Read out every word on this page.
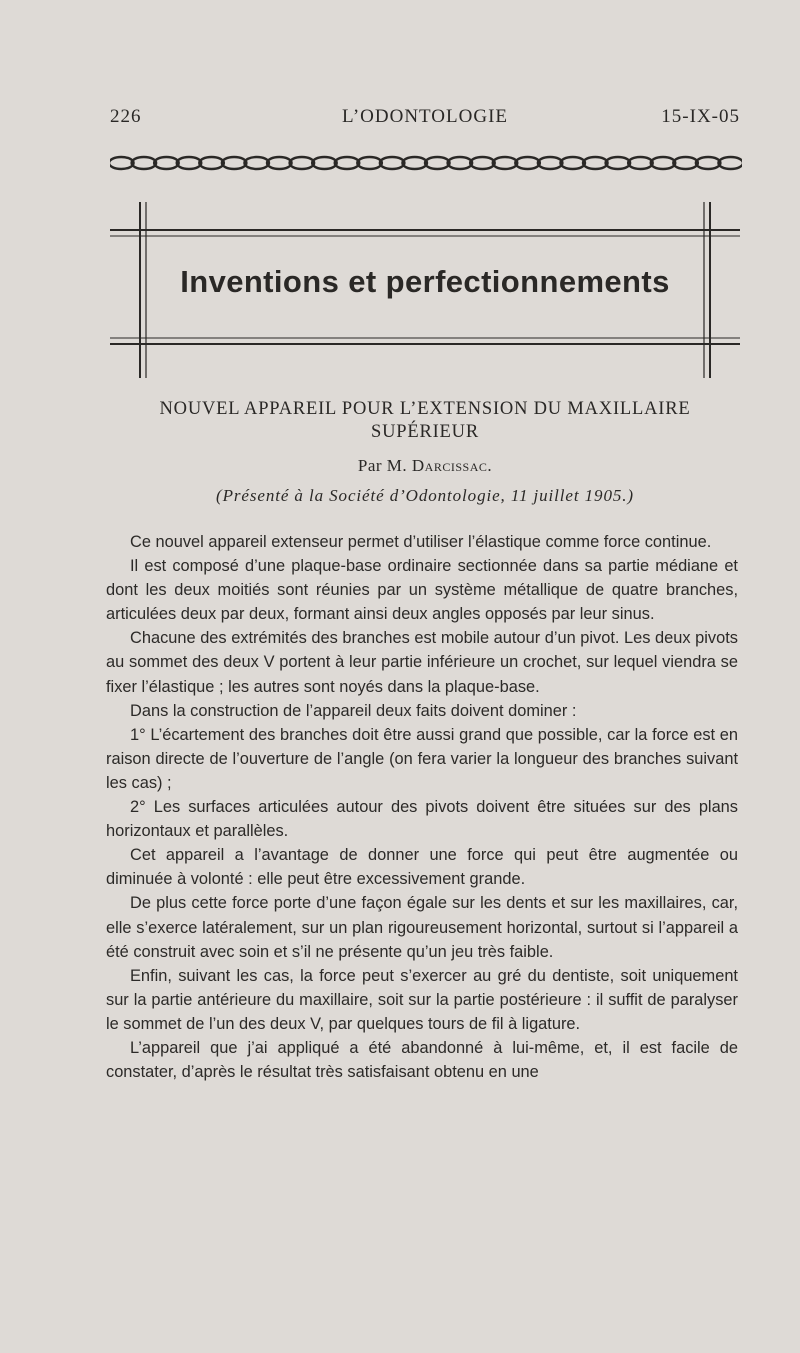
226	L’ODONTOLOGIE	15-IX-05
Inventions et perfectionnements
NOUVEL APPAREIL POUR L’EXTENSION DU MAXILLAIRE SUPÉRIEUR
Par M. Darcissac.
(Présenté à la Société d’Odontologie, 11 juillet 1905.)

Ce nouvel appareil extenseur permet d’utiliser l’élastique comme force continue.

Il est composé d’une plaque-base ordinaire sectionnée dans sa partie médiane et dont les deux moitiés sont réunies par un système métallique de quatre branches, articulées deux par deux, formant ainsi deux angles opposés par leur sinus.

Chacune des extrémités des branches est mobile autour d’un pivot. Les deux pivots au sommet des deux V portent à leur partie inférieure un crochet, sur lequel viendra se fixer l’élastique ; les autres sont noyés dans la plaque-base.

Dans la construction de l’appareil deux faits doivent dominer :

1° L’écartement des branches doit être aussi grand que possible, car la force est en raison directe de l’ouverture de l’angle (on fera varier la longueur des branches suivant les cas) ;

2° Les surfaces articulées autour des pivots doivent être situées sur des plans horizontaux et parallèles.

Cet appareil a l’avantage de donner une force qui peut être augmentée ou diminuée à volonté : elle peut être excessivement grande.

De plus cette force porte d’une façon égale sur les dents et sur les maxillaires, car, elle s’exerce latéralement, sur un plan rigoureusement horizontal, surtout si l’appareil a été construit avec soin et s’il ne présente qu’un jeu très faible.

Enfin, suivant les cas, la force peut s’exercer au gré du dentiste, soit uniquement sur la partie antérieure du maxillaire, soit sur la partie postérieure : il suffit de paralyser le sommet de l’un des deux V, par quelques tours de fil à ligature.

L’appareil que j’ai appliqué a été abandonné à lui-même, et, il est facile de constater, d’après le résultat très satisfaisant obtenu en une
